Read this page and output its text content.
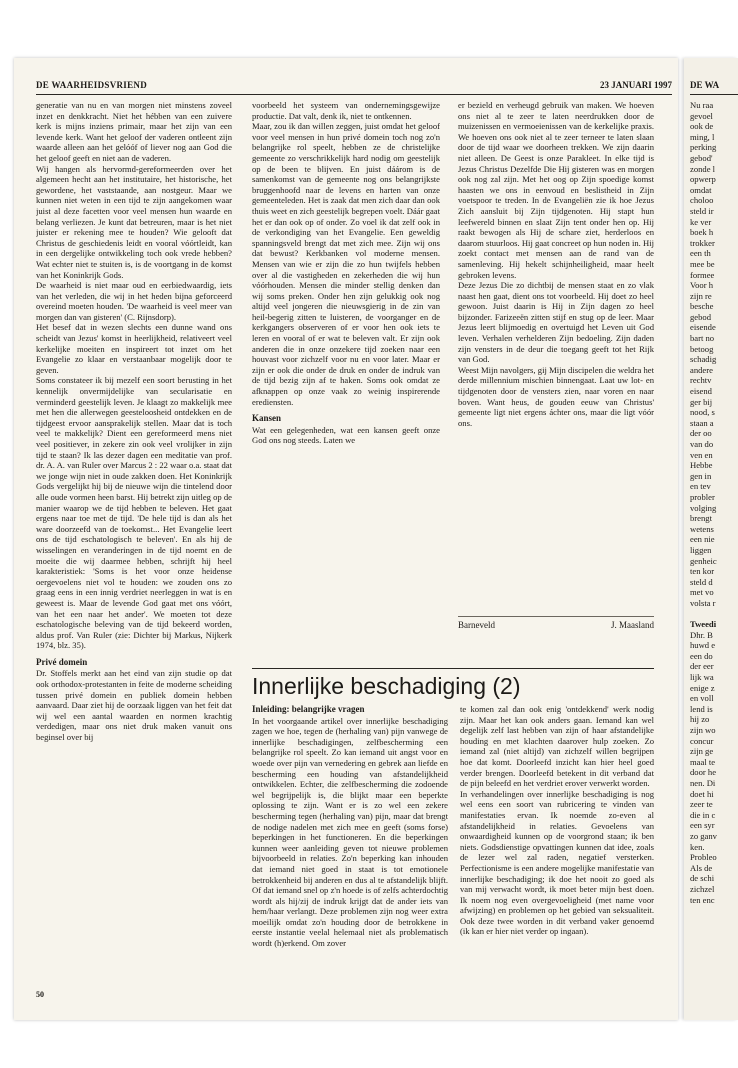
DE WAARHEIDSVRIEND	23 JANUARI 1997

generatie van nu en van morgen niet minstens zoveel inzet en denkkracht. Niet het hébben van een zuivere kerk is mijns inziens primair, maar het zijn van een levende kerk. Want het geloof der vaderen ontleent zijn waarde alleen aan het gelóóf of liever nog aan God die het geloof geeft en niet aan de vaderen.

Wij hangen als hervormd-gereformeerden over het algemeen hecht aan het institutaire, het historische, het gewordene, het vaststaande, aan nostgeur. Maar we kunnen niet weten in een tijd te zijn aangekomen waar juist al deze facetten voor veel mensen hun waarde en belang verliezen. Je kunt dat betreuren, maar is het niet juister er rekening mee te houden? Wie gelooft dat Christus de geschiedenis leidt en vooral vóórtleidt, kan in een dergelijke ontwikkeling toch ook vrede hebben? Wat echter niet te stuiten is, is de voortgang in de komst van het Koninkrijk Gods.

De waarheid is niet maar oud en eerbiedwaardig, iets van het verleden, die wij in het heden bijna geforceerd overeind moeten houden. 'De waarheid is veel meer van morgen dan van gisteren' (C. Rijnsdorp).

Het besef dat in wezen slechts een dunne wand ons scheidt van Jezus' komst in heerlijkheid, relativeert veel kerkelijke moeiten en inspireert tot inzet om het Evangelie zo klaar en verstaanbaar mogelijk door te geven.

Soms constateer ik bij mezelf een soort berusting in het kennelijk onvermijdelijke van secularisatie en verminderd geestelijk leven. Je klaagt zo makkelijk mee met hen die allerwegen geesteloosheid ontdekken en de tijdgeest ervoor aansprakelijk stellen. Maar dat is toch veel te makkelijk? Dient een gereformeerd mens niet veel positiever, in zekere zin ook veel vrolijker in zijn tijd te staan? Ik las dezer dagen een meditatie van prof. dr. A. A. van Ruler over Marcus 2 : 22 waar o.a. staat dat we jonge wijn niet in oude zakken doen. Het Koninkrijk Gods vergelijkt hij bij de nieuwe wijn die tintelend door alle oude vormen heen barst. Hij betrekt zijn uitleg op de manier waarop we de tijd hebben te beleven. Het gaat ergens naar toe met de tijd. 'De hele tijd is dan als het ware doorzeefd van de toekomst... Het Evangelie leert ons de tijd eschatologisch te beleven'. En als hij de wisselingen en veranderingen in de tijd noemt en de moeite die wij daarmee hebben, schrijft hij heel karakteristiek: 'Soms is het voor onze heidense oergevoelens niet vol te houden: we zouden ons zo graag eens in een innig verdriet neerleggen in wat is en geweest is. Maar de levende God gaat met ons vóórt, van het een naar het ander'. We moeten tot deze eschatologische beleving van de tijd bekeerd worden, aldus prof. Van Ruler (zie: Dichter bij Markus, Nijkerk 1974, blz. 35).

Privé domein

Dr. Stoffels merkt aan het eind van zijn studie op dat ook orthodox-protestanten in feite de moderne scheiding tussen privé domein en publiek domein hebben aanvaard. Daar ziet hij de oorzaak liggen van het feit dat wij wel een aantal waarden en normen krachtig verdedigen, maar ons niet druk maken vanuit ons beginsel over bij

voorbeeld het systeem van ondernemingsgewijze productie. Dat valt, denk ik, niet te ontkennen.

Maar, zou ik dan willen zeggen, juist omdat het geloof voor veel mensen in hun privé domein toch nog zo'n belangrijke rol speelt, hebben ze de christelijke gemeente zo verschrikkelijk hard nodig om geestelijk op de been te blijven. En juist dáárom is de samenkomst van de gemeente nog ons belangrijkste bruggenhoofd naar de levens en harten van onze gemeenteleden. Het is zaak dat men zich daar dan ook thuis weet en zich geestelijk begrepen voelt. Dáár gaat het er dan ook op of onder. Zo voel ik dat zelf ook in de verkondiging van het Evangelie. Een geweldig spanningsveld brengt dat met zich mee. Zijn wij ons dat bewust? Kerkbanken vol moderne mensen. Mensen van wie er zijn die zo hun twijfels hebben over al die vastigheden en zekerheden die wij hun vóórhouden. Mensen die minder stellig denken dan wij soms preken. Onder hen zijn gelukkig ook nog altijd veel jongeren die nieuwsgierig in de zin van heil-begerig zitten te luisteren, de voorganger en de kerkgangers observeren of er voor hen ook iets te leren en vooral of er wat te beleven valt. Er zijn ook anderen die in onze onzekere tijd zoeken naar een houvast voor zichzelf voor nu en voor later. Maar er zijn er ook die onder de druk en onder de indruk van de tijd bezig zijn af te haken. Soms ook omdat ze afknappen op onze vaak zo weinig inspirerende erediensten.

Kansen

Wat een gelegenheden, wat een kansen geeft onze God ons nog steeds. Laten we

er bezield en verheugd gebruik van maken. We hoeven ons niet al te zeer te laten neerdrukken door de muizenissen en vermoeienissen van de kerkelijke praxis. We hoeven ons ook niet al te zeer terneer te laten slaan door de tijd waar we doorheen trekken. We zijn daarin niet alleen. De Geest is onze Parakleet. In elke tijd is Jezus Christus Dezelfde Die Hij gisteren was en morgen ook nog zal zijn. Met het oog op Zijn spoedige komst haasten we ons in eenvoud en beslistheid in Zijn voetspoor te treden. In de Evangeliën zie ik hoe Jezus Zich aansluit bij Zijn tijdgenoten. Hij stapt hun leefwereld binnen en slaat Zijn tent onder hen op. Hij raakt bewogen als Hij de schare ziet, herderloos en daarom stuurloos. Hij gaat concreet op hun noden in. Hij zoekt contact met mensen aan de rand van de samenleving. Hij hekelt schijnheiligheid, maar heelt gebroken levens.

Deze Jezus Die zo dichtbij de mensen staat en zo vlak naast hen gaat, dient ons tot voorbeeld. Hij doet zo heel gewoon. Juist daarin is Hij in Zijn dagen zo heel bijzonder. Farizeeën zitten stijf en stug op de leer. Maar Jezus leert blijmoedig en overtuigd het Leven uit God leven. Verhalen verhelderen Zijn bedoeling. Zijn daden zijn vensters in de deur die toegang geeft tot het Rijk van God.

Weest Mijn navolgers, gij Mijn discipelen die weldra het derde millennium mischien binnengaat. Laat uw lot- en tijdgenoten door de vensters zien, naar voren en naar boven. Want heus, de gouden eeuw van Christus' gemeente ligt niet ergens áchter ons, maar die ligt vóór ons.

Barneveld	J. Maasland
Innerlijke beschadiging (2)
Inleiding: belangrijke vragen

In het voorgaande artikel over innerlijke beschadiging zagen we hoe, tegen de (herhaling van) pijn vanwege de innerlijke beschadigingen, zelfbescherming een belangrijke rol speelt. Zo kan iemand uit angst voor en woede over pijn van vernedering en gebrek aan liefde en bescherming een houding van afstandelijkheid ontwikkelen. Echter, die zelfbescherming die zodoende wel begrijpelijk is, die blijkt maar een beperkte oplossing te zijn. Want er is zo wel een zekere bescherming tegen (herhaling van) pijn, maar dat brengt de nodige nadelen met zich mee en geeft (soms forse) beperkingen in het functioneren. En die beperkingen kunnen weer aanleiding geven tot nieuwe problemen bijvoorbeeld in relaties. Zo'n beperking kan inhouden dat iemand niet goed in staat is tot emotionele betrokkenheid bij anderen en dus al te afstandelijk blijft. Of dat iemand snel op z'n hoede is of zelfs achterdochtig wordt als hij/zij de indruk krijgt dat de ander iets van hem/haar verlangt. Deze problemen zijn nog weer extra moeilijk omdat zo'n houding door de betrokkene in eerste instantie veelal helemaal niet als problematisch wordt (h)erkend. Om zover

te komen zal dan ook enig 'ontdekkend' werk nodig zijn. Maar het kan ook anders gaan. Iemand kan wel degelijk zelf last hebben van zijn of haar afstandelijke houding en met klachten daarover hulp zoeken. Zo iemand zal (niet altijd) van zichzelf willen begrijpen hoe dat komt. Doorleefd inzicht kan hier heel goed verder brengen. Doorleefd betekent in dit verband dat de pijn beleefd en het verdriet erover verwerkt worden.

In verhandelingen over innerlijke beschadiging is nog wel eens een soort van rubricering te vinden van manifestaties ervan. Ik noemde zo-even al afstandelijkheid in relaties. Gevoelens van onwaardigheid kunnen op de voorgrond staan; ik ben niets. Godsdienstige opvattingen kunnen dat idee, zoals de lezer wel zal raden, negatief versterken. Perfectionisme is een andere mogelijke manifestatie van innerlijke beschadiging; ik doe het nooit zo goed als van mij verwacht wordt, ik moet beter mijn best doen. Ik noem nog even overgevoeligheid (met name voor afwijzing) en problemen op het gebied van seksualiteit. Ook deze twee worden in dit verband vaker genoemd (ik kan er hier niet verder op ingaan).

50
DE WA
Nu raa
gevoel
ook de
ming, l
perking
gebod'
zonde l
opwerp
omdat
choloo
steld ir
ke ver
boek h
trokker
een th
mee be
formee
Voor h
zijn re
besche
gebod
eisende
bart no
betoog
schadig
andere
rechtv
eisend
ger bij
nood, s
staan a
der oo
van do
ven en
Hebbe
gen in
en tev
probler
volging
brengt
wetens
een nie
liggen
genheic
ten kor
steld d
met vo
volsta r
Tweedi
Dhr. B
huwd e
een do
der eer
lijk wa
enige z
en voll
lend is
hij zo
zijn wo
concur
zijn ge
maal te
door he
nen. Di
doet hi
zeer te
die in c
een syr
zo ganv
ken.
Probleo
Als de
de schi
zichzel
ten enc
